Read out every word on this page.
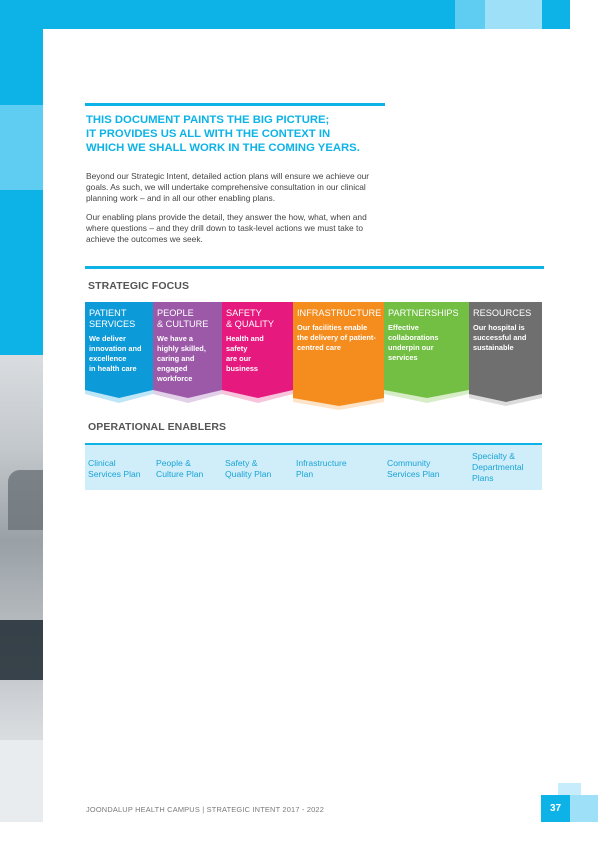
THIS DOCUMENT PAINTS THE BIG PICTURE;
IT PROVIDES US ALL WITH THE CONTEXT IN
WHICH WE SHALL WORK IN THE COMING YEARS.

Beyond our Strategic Intent, detailed action plans will ensure we achieve our goals. As such, we will undertake comprehensive consultation in our clinical planning work – and in all our other enabling plans.

Our enabling plans provide the detail, they answer the how, what, when and where questions – and they drill down to task-level actions we must take to achieve the outcomes we seek.

STRATEGIC FOCUS
PATIENT
SERVICES
We deliver
innovation and
excellence
in health care
PEOPLE
& CULTURE
We have a
highly skilled,
caring and
engaged
workforce
SAFETY
& QUALITY
Health and
safety
are our
business
INFRASTRUCTURE
Our facilities enable
the delivery of patient-
centred care
PARTNERSHIPS
Effective
collaborations
underpin our
services
RESOURCES
Our hospital is
successful and
sustainable
OPERATIONAL ENABLERS
Clinical
Services Plan
People &
Culture Plan
Safety &
Quality Plan
Infrastructure
Plan
Community
Services Plan
Specialty &
Departmental
Plans
JOONDALUP HEALTH CAMPUS | STRATEGIC INTENT 2017 - 2022	37
